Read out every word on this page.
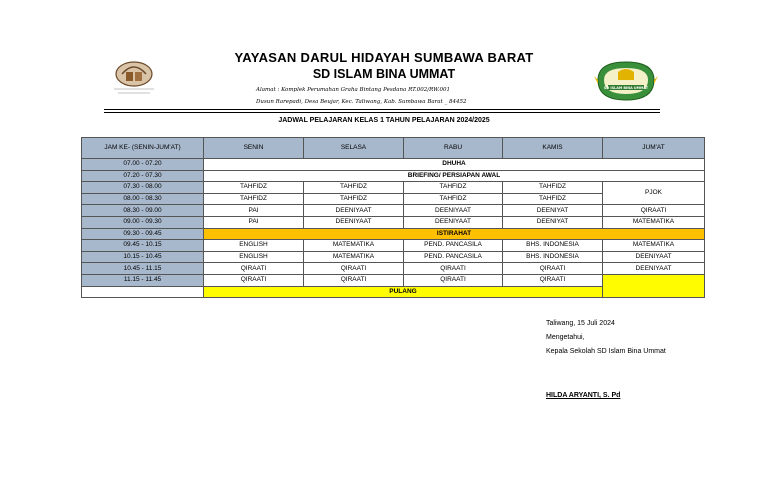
SD ISLAM BINA UMMAT
YAYASAN DARUL HIDAYAH SUMBAWA BARAT
SD ISLAM BINA UMMAT
Alamat : Komplek Perumahan Graha Bintang Pesdana RT.002/RW.001
Dusun Rarepadi, Desa Beujar, Kec. Taliwang, Kab. Sumbawa Barat _ 84452
JADWAL PELAJARAN KELAS 1 TAHUN PELAJARAN 2024/2025
JAM KE- (SENIN-JUM'AT)	SENIN	SELASA	RABU	KAMIS	JUM'AT
07.00 - 07.20	DHUHA				
07.20 - 07.30	BRIEFING/ PERSIAPAN AWAL				
07.30 - 08.00	TAHFIDZ	TAHFIDZ	TAHFIDZ	TAHFIDZ	PJOK
08.00 - 08.30	TAHFIDZ	TAHFIDZ	TAHFIDZ	TAHFIDZ	
08.30 - 09.00	PAI	DEENIYAAT	DEENIYAAT	DEENIYAT	QIRAATI
09.00 - 09.30	PAI	DEENIYAAT	DEENIYAAT	DEENIYAT	MATEMATIKA
09.30 - 09.45	ISTIRAHAT				
09.45 - 10.15	ENGLISH	MATEMATIKA	PEND. PANCASILA	BHS. INDONESIA	MATEMATIKA
10.15 - 10.45	ENGLISH	MATEMATIKA	PEND. PANCASILA	BHS. INDONESIA	DEENIYAAT
10.45 - 11.15	QIRAATI	QIRAATI	QIRAATI	QIRAATI	DEENIYAAT
11.15 - 11.45	QIRAATI	QIRAATI	QIRAATI	QIRAATI	
	PULANG				
Taliwang, 15 Juli 2024
Mengetahui,
Kepala Sekolah SD Islam Bina Ummat
HILDA ARYANTI, S. Pd
